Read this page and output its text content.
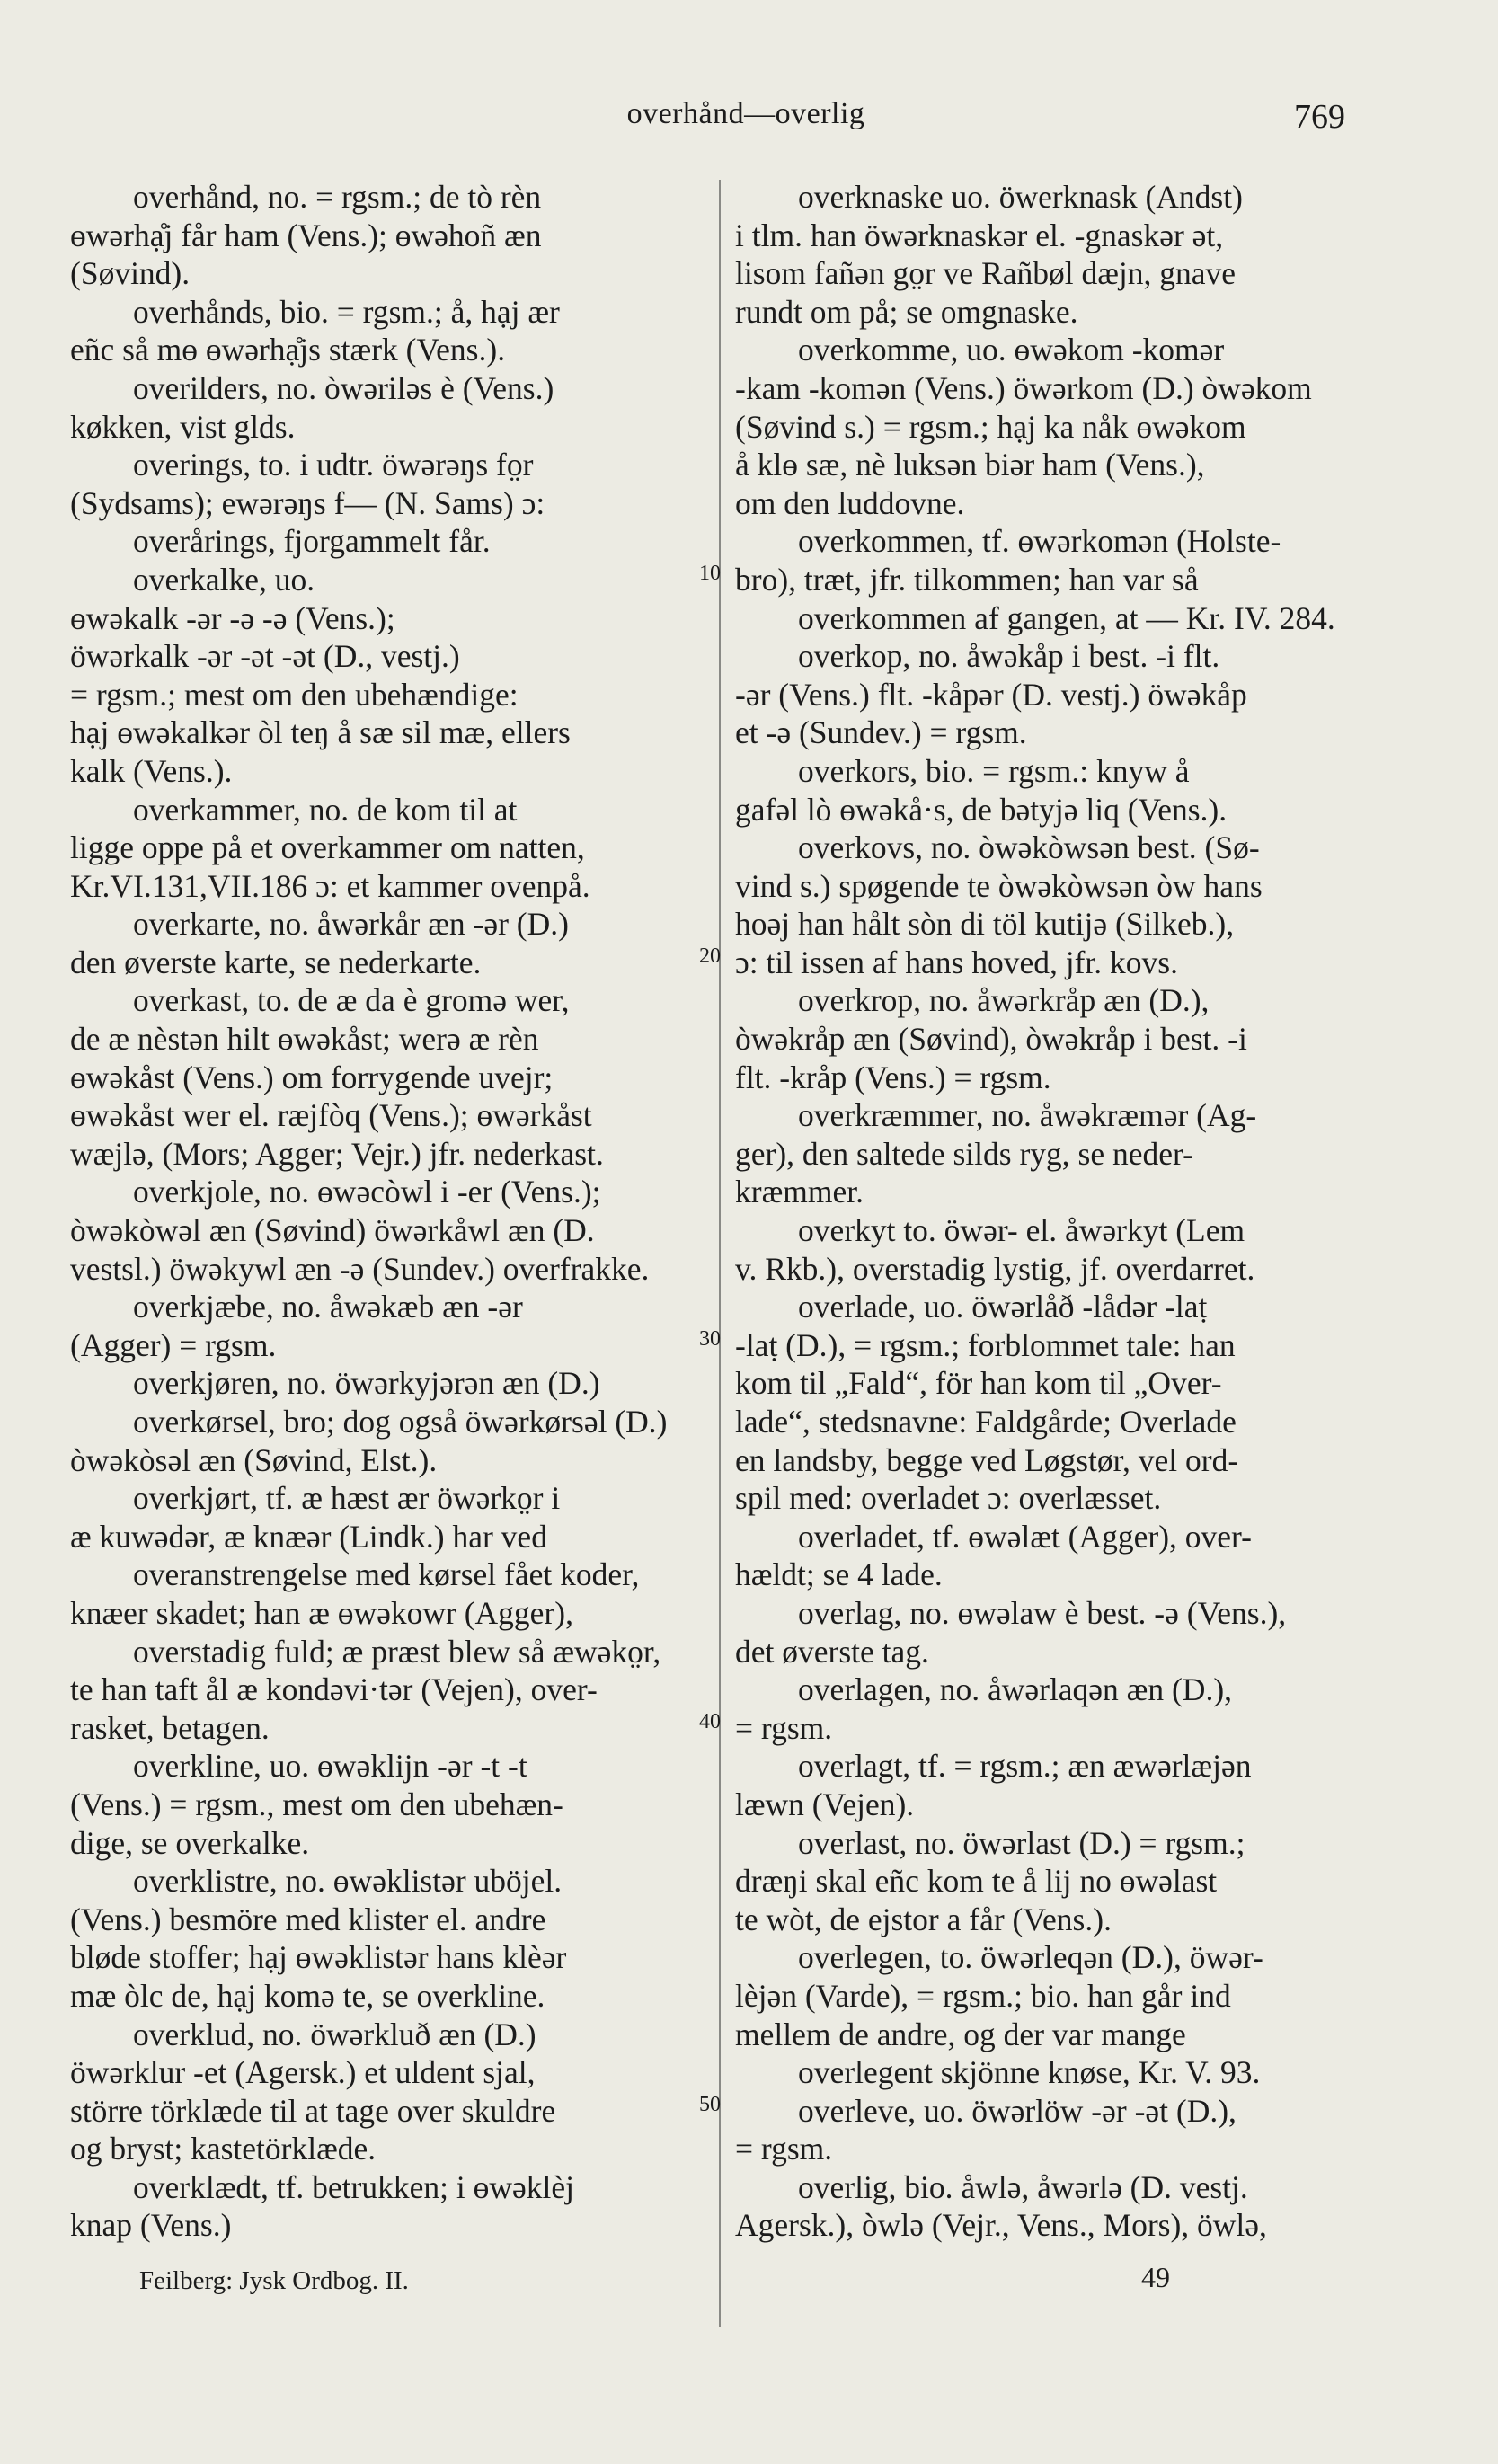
overhånd—overlig	769
overhånd, no. = rgsm.; de tò rèn
ɵwərhạ̊j får ham (Vens.); ɵwəhoñ æn
(Søvind).
overhånds, bio. = rgsm.; å, hạj ær
eñc så mɵ ɵwərhạ̊js stærk (Vens.).
overilders, no. òwəriləs è (Vens.)
køkken, vist glds.
overings, to. i udtr. öwərəŋs fo̤r
(Sydsams); ewərəŋs f— (N. Sams) ɔ:
overårings, fjorgammelt får.
overkalke, uo.
ɵwəkalk -ər -ə -ə (Vens.);
öwərkalk -ər -ət -ət (D., vestj.)
= rgsm.; mest om den ubehændige:
hạj ɵwəkalkər òl teŋ å sæ sil mæ, ellers
kalk (Vens.).
overkammer, no. de kom til at
ligge oppe på et overkammer om natten,
Kr.VI.131,VII.186 ɔ: et kammer ovenpå.
overkarte, no. åwərkår æn -ər (D.)
den øverste karte, se nederkarte.
overkast, to. de æ da è gromə wer,
de æ nèstən hilt ɵwəkåst; werə æ rèn
ɵwəkåst (Vens.) om forrygende uvejr;
ɵwəkåst wer el. ræjfòq (Vens.); ɵwərkåst
wæjlə, (Mors; Agger; Vejr.) jfr. nederkast.
overkjole, no. ɵwəcòwl i -er (Vens.);
òwəkòwəl æn (Søvind) öwərkåwl æn (D.
vestsl.) öwəkywl æn -ə (Sundev.) overfrakke.
overkjæbe, no. åwəkæb æn -ər
(Agger) = rgsm.
overkjøren, no. öwərkyjərən æn (D.)
overkørsel, bro; dog også öwərkørsəl (D.)
òwəkòsəl æn (Søvind, Elst.).
overkjørt, tf. æ hæst ær öwərko̤r i
æ kuwədər, æ knæər (Lindk.) har ved
overanstrengelse med kørsel fået koder,
knæer skadet; han æ ɵwəkowr (Agger),
overstadig fuld; æ præst blew så æwəko̤r,
te han taft ål æ kondəvi·tər (Vejen), over-
rasket, betagen.
overkline, uo. ɵwəklijn -ər -t -t
(Vens.) = rgsm., mest om den ubehæn-
dige, se overkalke.
overklistre, no. ɵwəklistər uböjel.
(Vens.) besmöre med klister el. andre
bløde stoffer; hạj ɵwəklistər hans klèər
mæ òlc de, hạj komə te, se overkline.
overklud, no. öwərkluð æn (D.)
öwərklur -et (Agersk.) et uldent sjal,
större törklæde til at tage over skuldre
og bryst; kastetörklæde.
overklædt, tf. betrukken; i ɵwəklèj
knap (Vens.)
overknaske uo. öwerknask (Andst)
i tlm. han öwərknaskər el. -gnaskər ət,
lisom fañən go̤r ve Rañbøl dæjn, gnave
rundt om på; se omgnaske.
overkomme, uo. ɵwəkom -komər
-kam -komən (Vens.) öwərkom (D.) òwəkom
(Søvind s.) = rgsm.; hạj ka nåk ɵwəkom
å klɵ sæ, nè luksən biər ham (Vens.),
om den luddovne.
overkommen, tf. ɵwərkomən (Holste-
bro), træt, jfr. tilkommen; han var så
overkommen af gangen, at — Kr. IV. 284.
overkop, no. åwəkåp i best. -i flt.
-ər (Vens.) flt. -kåpər (D. vestj.) öwəkåp
et -ə (Sundev.) = rgsm.
overkors, bio. = rgsm.: knyw å
gafəl lò ɵwəkå·s, de bətyjə liq (Vens.).
overkovs, no. òwəkòwsən best. (Sø-
vind s.) spøgende te òwəkòwsən òw hans
hoəj han hålt sòn di töl kutijə (Silkeb.),
ɔ: til issen af hans hoved, jfr. kovs.
overkrop, no. åwərkråp æn (D.),
òwəkråp æn (Søvind), òwəkråp i best. -i
flt. -kråp (Vens.) = rgsm.
overkræmmer, no. åwəkræmər (Ag-
ger), den saltede silds ryg, se neder-
kræmmer.
overkyt to. öwər- el. åwərkyt (Lem
v. Rkb.), overstadig lystig, jf. overdarret.
overlade, uo. öwərlåð -lådər -laṭ
-laṭ (D.), = rgsm.; forblommet tale: han
kom til „Fald“, för han kom til „Over-
lade“, stedsnavne: Faldgårde; Overlade
en landsby, begge ved Løgstør, vel ord-
spil med: overladet ɔ: overlæsset.
overladet, tf. ɵwəlæt (Agger), over-
hældt; se 4 lade.
overlag, no. ɵwəlaw è best. -ə (Vens.),
det øverste tag.
overlagen, no. åwərlaqən æn (D.),
= rgsm.
overlagt, tf. = rgsm.; æn æwərlæjən
læwn (Vejen).
overlast, no. öwərlast (D.) = rgsm.;
dræŋi skal eñc kom te å lij no ɵwəlast
te wòt, de ejstor a får (Vens.).
overlegen, to. öwərleqən (D.), öwər-
lèjən (Varde), = rgsm.; bio. han går ind
mellem de andre, og der var mange
overlegent skjönne knøse, Kr. V. 93.
overleve, uo. öwərlöw -ər -ət (D.),
= rgsm.
overlig, bio. åwlə, åwərlə (D. vestj.
Agersk.), òwlə (Vejr., Vens., Mors), öwlə,
10
20
30
40
50
Feilberg: Jysk Ordbog. II.	49
